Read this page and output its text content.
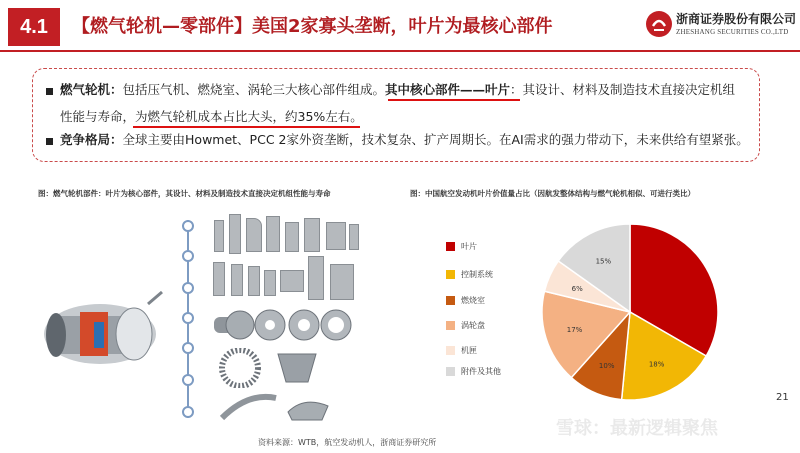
4.1	【燃气轮机—零部件】美国2家寡头垄断，叶片为最核心部件	浙商证券股份有限公司
ZHESHANG SECURITIES CO.,LTD
燃气轮机：包括压气机、燃烧室、涡轮三大核心部件组成。其中核心部件——叶片：其设计、材料及制造技术直接决定机组
性能与寿命，为燃气轮机成本占比大头，约35%左右。
竞争格局：全球主要由Howmet、PCC 2家外资垄断，技术复杂、扩产周期长。在AI需求的强力带动下，未来供给有望紧张。
图：燃气轮机部件：叶片为核心部件，其设计、材料及制造技术直接决定机组性能与寿命	图：中国航空发动机叶片价值量占比（因航发整体结构与燃气轮机相似、可进行类比）
叶片
控制系统
燃烧室
涡轮盘
机匣
附件及其他
18%
10%
17%
6%
15%
资料来源：WTB，航空发动机人，浙商证券研究所
雪球：最新逻辑聚焦
21
